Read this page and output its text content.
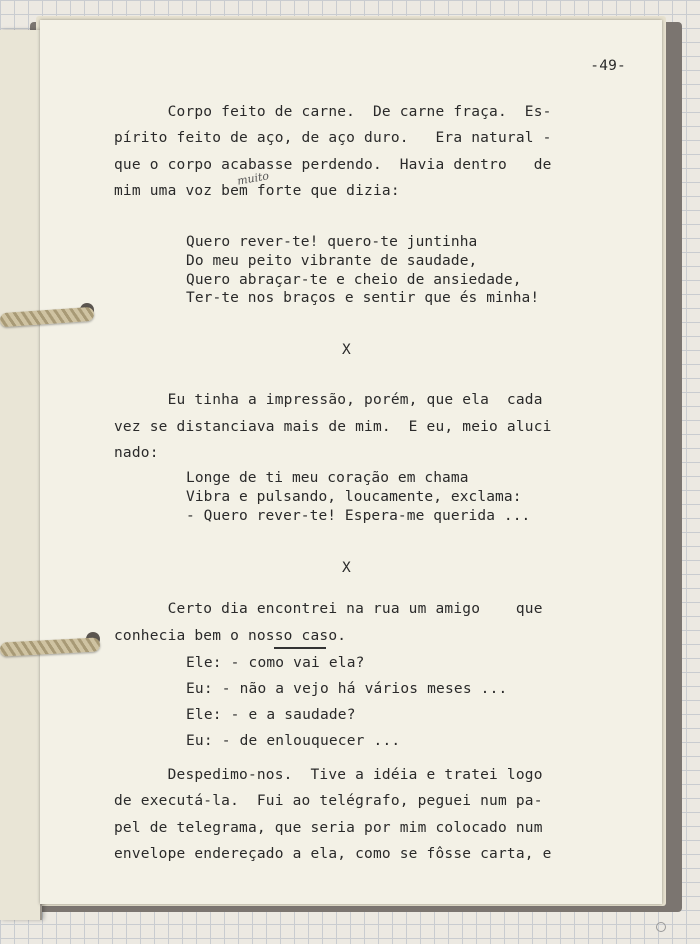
-49-
muito
Corpo feito de carne.  De carne fraça.  Es-
pírito feito de aço, de aço duro.   Era natural -
que o corpo acabasse perdendo.  Havia dentro   de
mim uma voz bem forte que dizia:
Quero rever-te! quero-te juntinha
Do meu peito vibrante de saudade,
Quero abraçar-te e cheio de ansiedade,
Ter-te nos braços e sentir que és minha!
X
Eu tinha a impressão, porém, que ela  cada
vez se distanciava mais de mim.  E eu, meio aluci
nado:
Longe de ti meu coração em chama
Vibra e pulsando, loucamente, exclama:
- Quero rever-te! Espera-me querida ...
X
Certo dia encontrei na rua um amigo    que
conhecia bem o nosso caso.
Ele: - como vai ela?
Eu: - não a vejo há vários meses ...
Ele: - e a saudade?
Eu: - de enlouquecer ...
Despedimo-nos.  Tive a idéia e tratei logo
de executá-la.  Fui ao telégrafo, peguei num pa-
pel de telegrama, que seria por mim colocado num
envelope endereçado a ela, como se fôsse carta, e
